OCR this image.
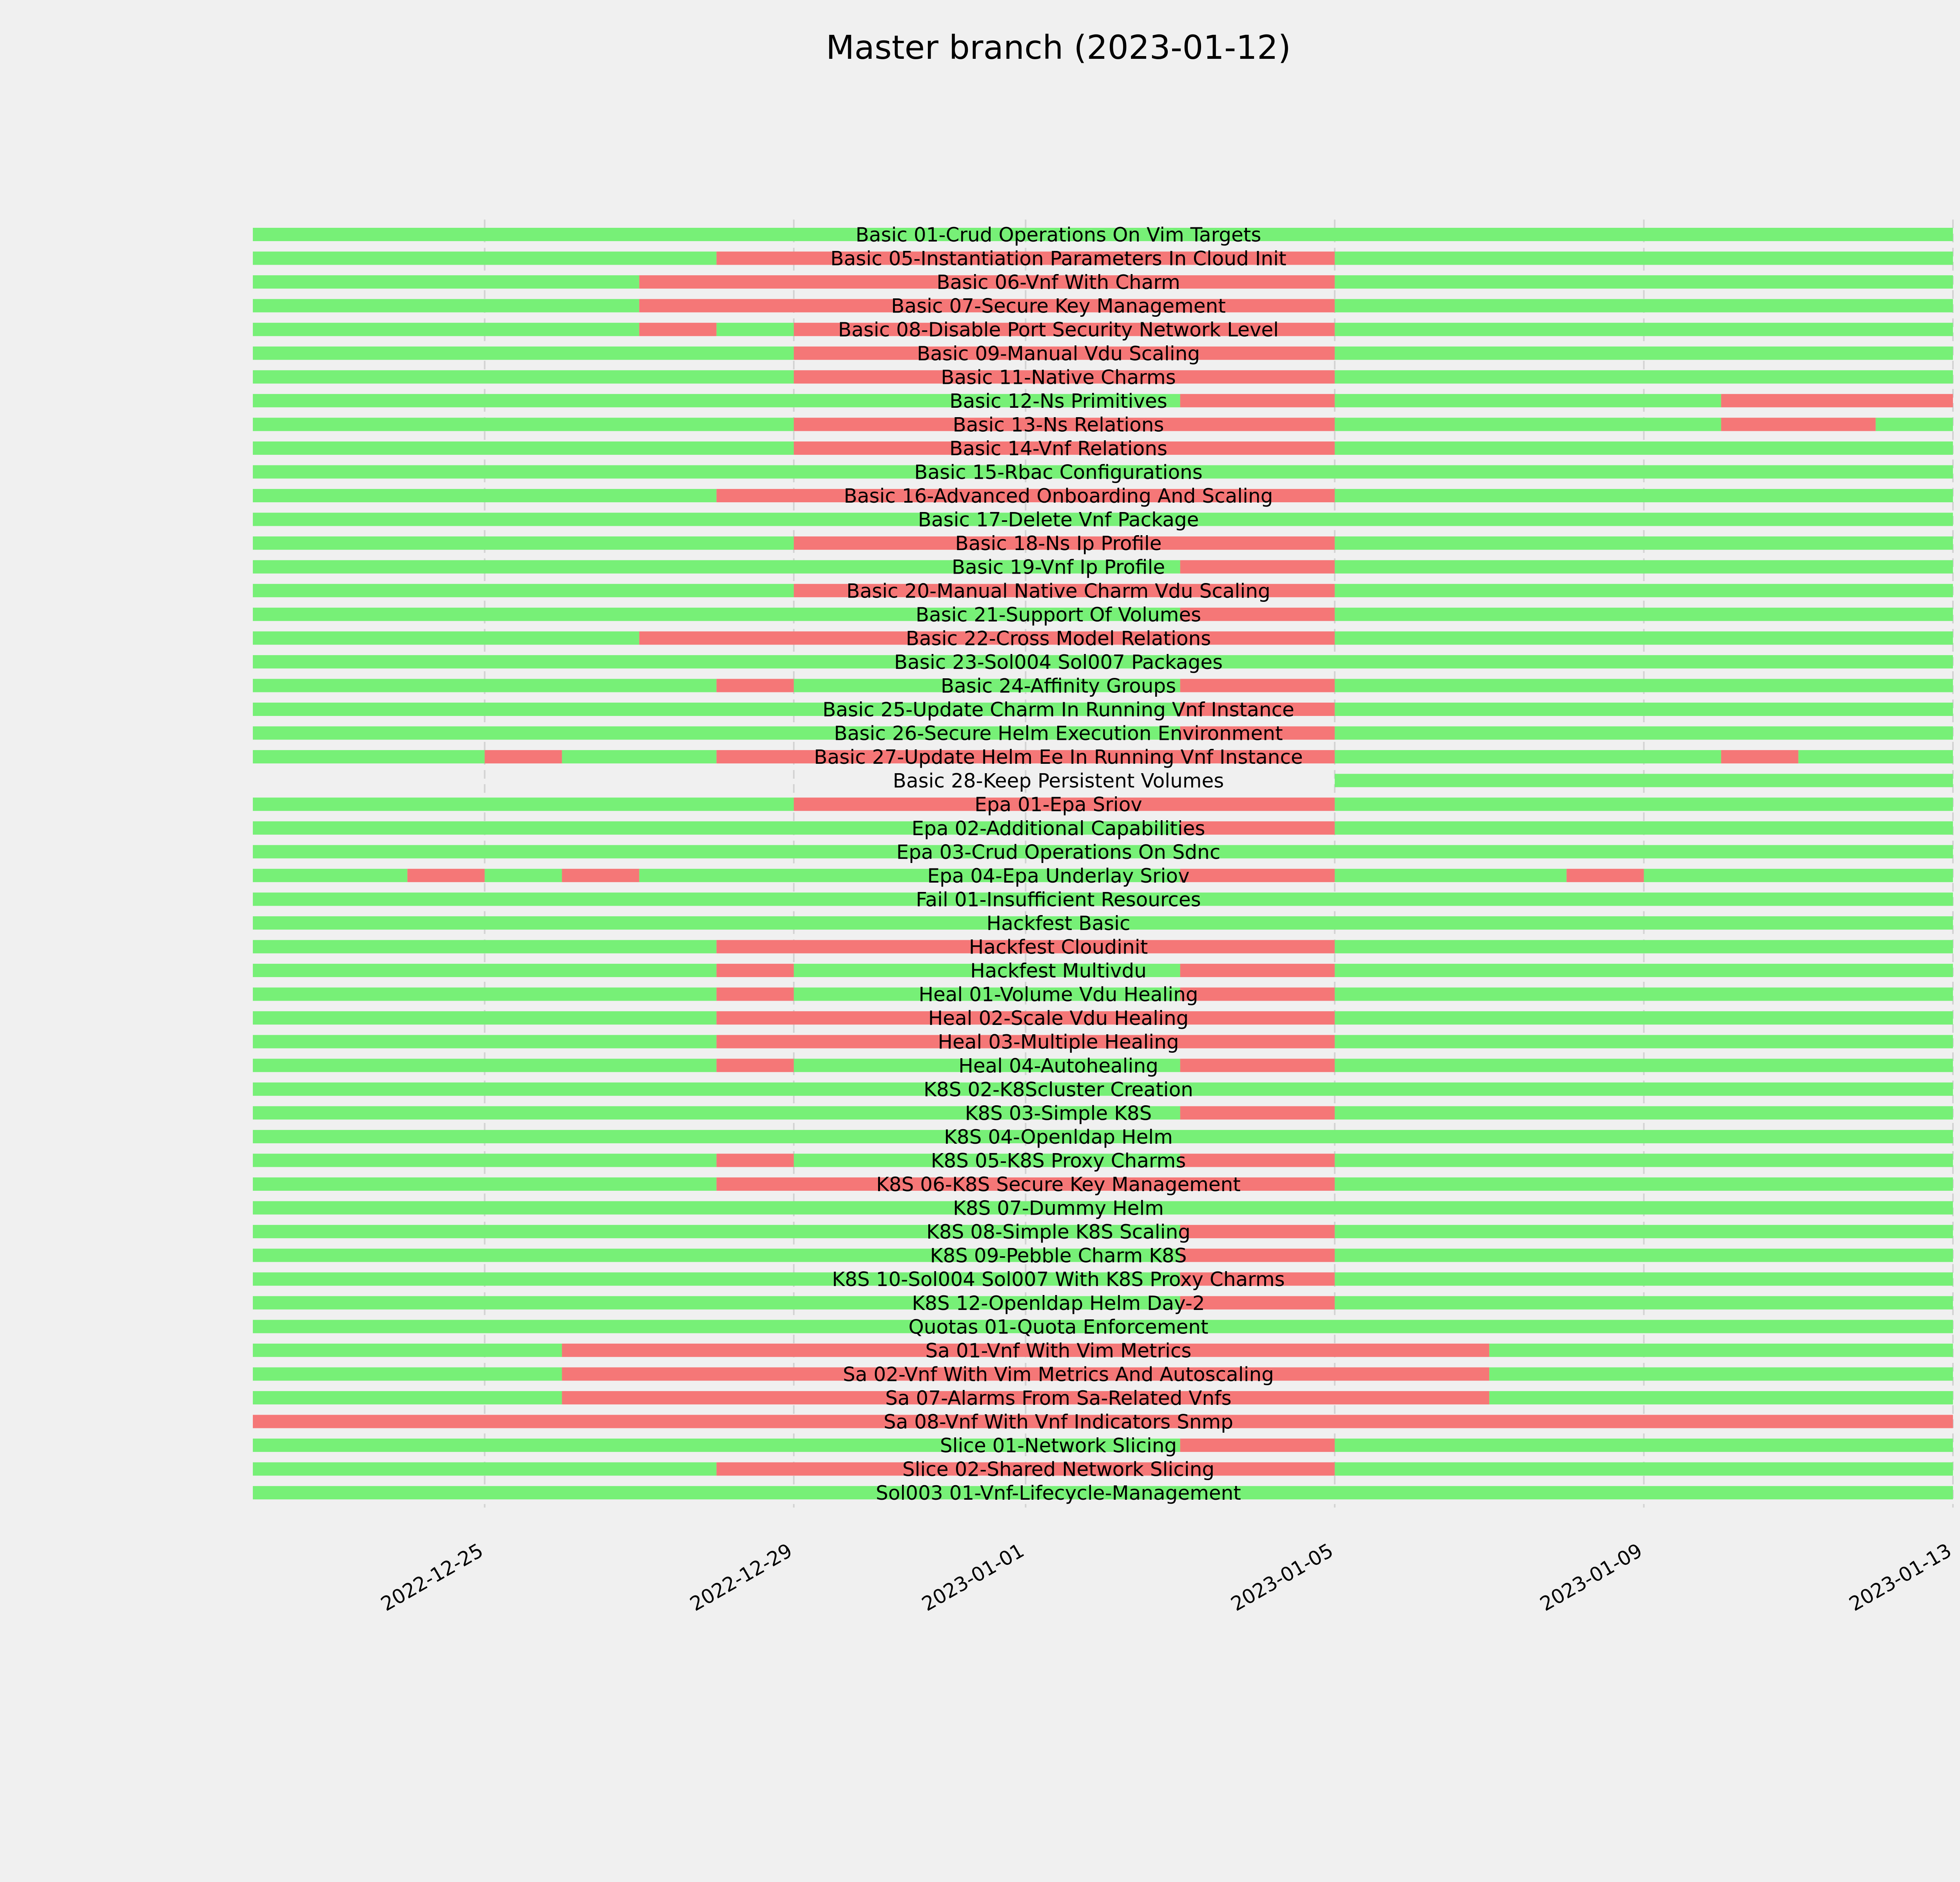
Master branch (2023-01-12)
Basic 01-Crud Operations On Vim Targets
Basic 05-Instantiation Parameters In Cloud Init
Basic 06-Vnf With Charm
Basic 07-Secure Key Management
Basic 08-Disable Port Security Network Level
Basic 09-Manual Vdu Scaling
Basic 11-Native Charms
Basic 12-Ns Primitives
Basic 13-Ns Relations
Basic 14-Vnf Relations
Basic 15-Rbac Configurations
Basic 16-Advanced Onboarding And Scaling
Basic 17-Delete Vnf Package
Basic 18-Ns Ip Profile
Basic 19-Vnf Ip Profile
Basic 20-Manual Native Charm Vdu Scaling
Basic 21-Support Of Volumes
Basic 22-Cross Model Relations
Basic 23-Sol004 Sol007 Packages
Basic 24-Affinity Groups
Basic 25-Update Charm In Running Vnf Instance
Basic 26-Secure Helm Execution Environment
Basic 27-Update Helm Ee In Running Vnf Instance
Basic 28-Keep Persistent Volumes
Epa 01-Epa Sriov
Epa 02-Additional Capabilities
Epa 03-Crud Operations On Sdnc
Epa 04-Epa Underlay Sriov
Fail 01-Insufficient Resources
Hackfest Basic
Hackfest Cloudinit
Hackfest Multivdu
Heal 01-Volume Vdu Healing
Heal 02-Scale Vdu Healing
Heal 03-Multiple Healing
Heal 04-Autohealing
K8S 02-K8Scluster Creation
K8S 03-Simple K8S
K8S 04-Openldap Helm
K8S 05-K8S Proxy Charms
K8S 06-K8S Secure Key Management
K8S 07-Dummy Helm
K8S 08-Simple K8S Scaling
K8S 09-Pebble Charm K8S
K8S 10-Sol004 Sol007 With K8S Proxy Charms
K8S 12-Openldap Helm Day-2
Quotas 01-Quota Enforcement
Sa 01-Vnf With Vim Metrics
Sa 02-Vnf With Vim Metrics And Autoscaling
Sa 07-Alarms From Sa-Related Vnfs
Sa 08-Vnf With Vnf Indicators Snmp
Slice 01-Network Slicing
Slice 02-Shared Network Slicing
Sol003 01-Vnf-Lifecycle-Management
2022-12-25	2022-12-29	2023-01-01	2023-01-05	2023-01-09	2023-01-13
